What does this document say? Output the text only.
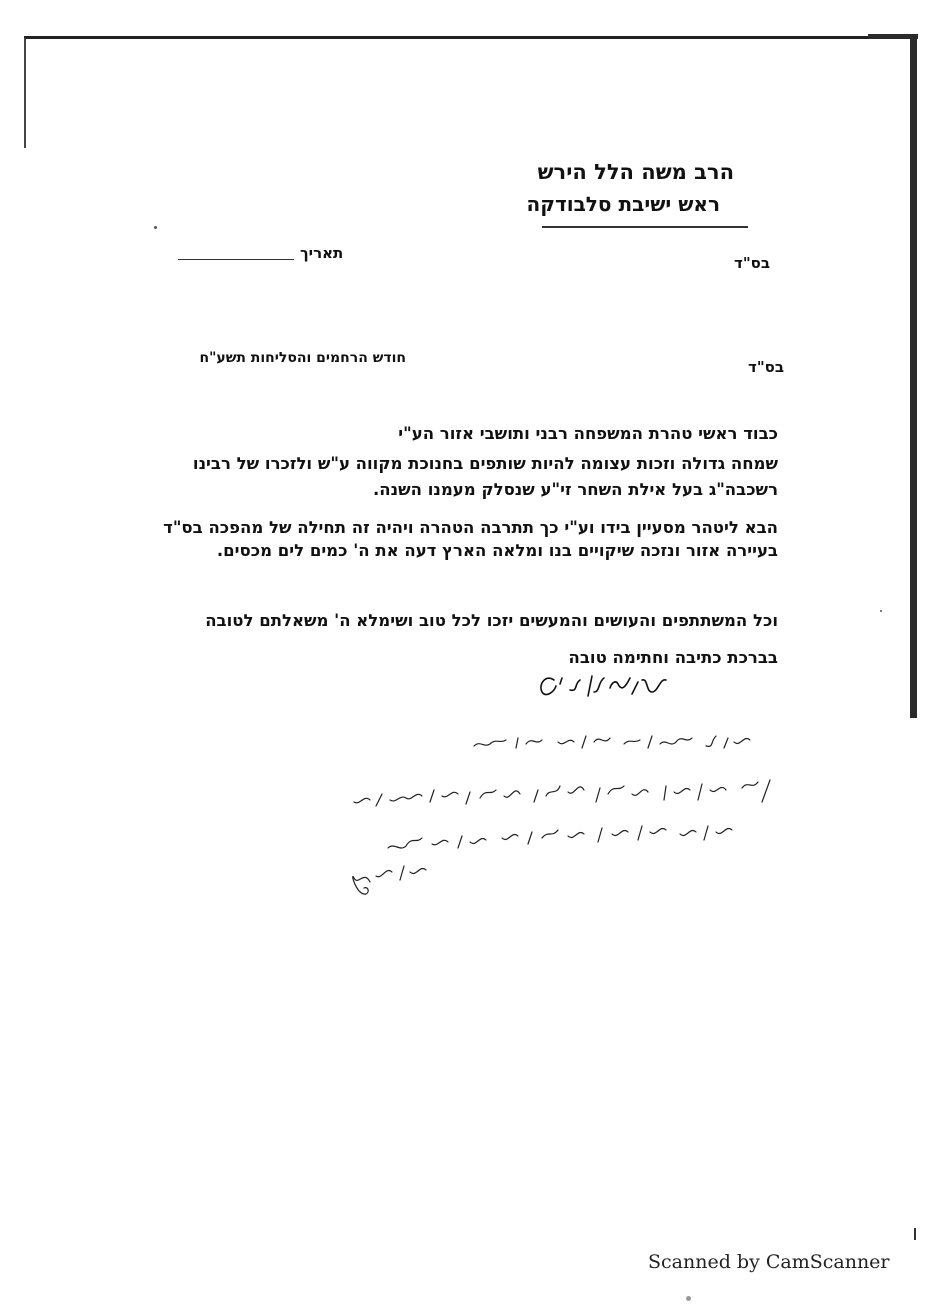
הרב משה הלל הירש
ראש ישיבת סלבודקה
בס"ד
תאריך
בס"ד
חודש הרחמים והסליחות תשע"ח
כבוד ראשי טהרת המשפחה רבני ותושבי אזור הע"י
שמחה גדולה וזכות עצומה להיות שותפים בחנוכת מקווה ע"ש ולזכרו של רבינו
רשכבה"ג בעל אילת השחר זי"ע שנסלק מעמנו השנה.
הבא ליטהר מסעיין בידו וע"י כך תתרבה הטהרה ויהיה זה תחילה של מהפכה בס"ד
בעיירה אזור ונזכה שיקויים בנו ומלאה הארץ דעה את ה' כמים לים מכסים.
וכל המשתתפים והעושים והמעשים יזכו לכל טוב ושימלא ה' משאלתם לטובה
בברכת כתיבה וחתימה טובה
Scanned by CamScanner
